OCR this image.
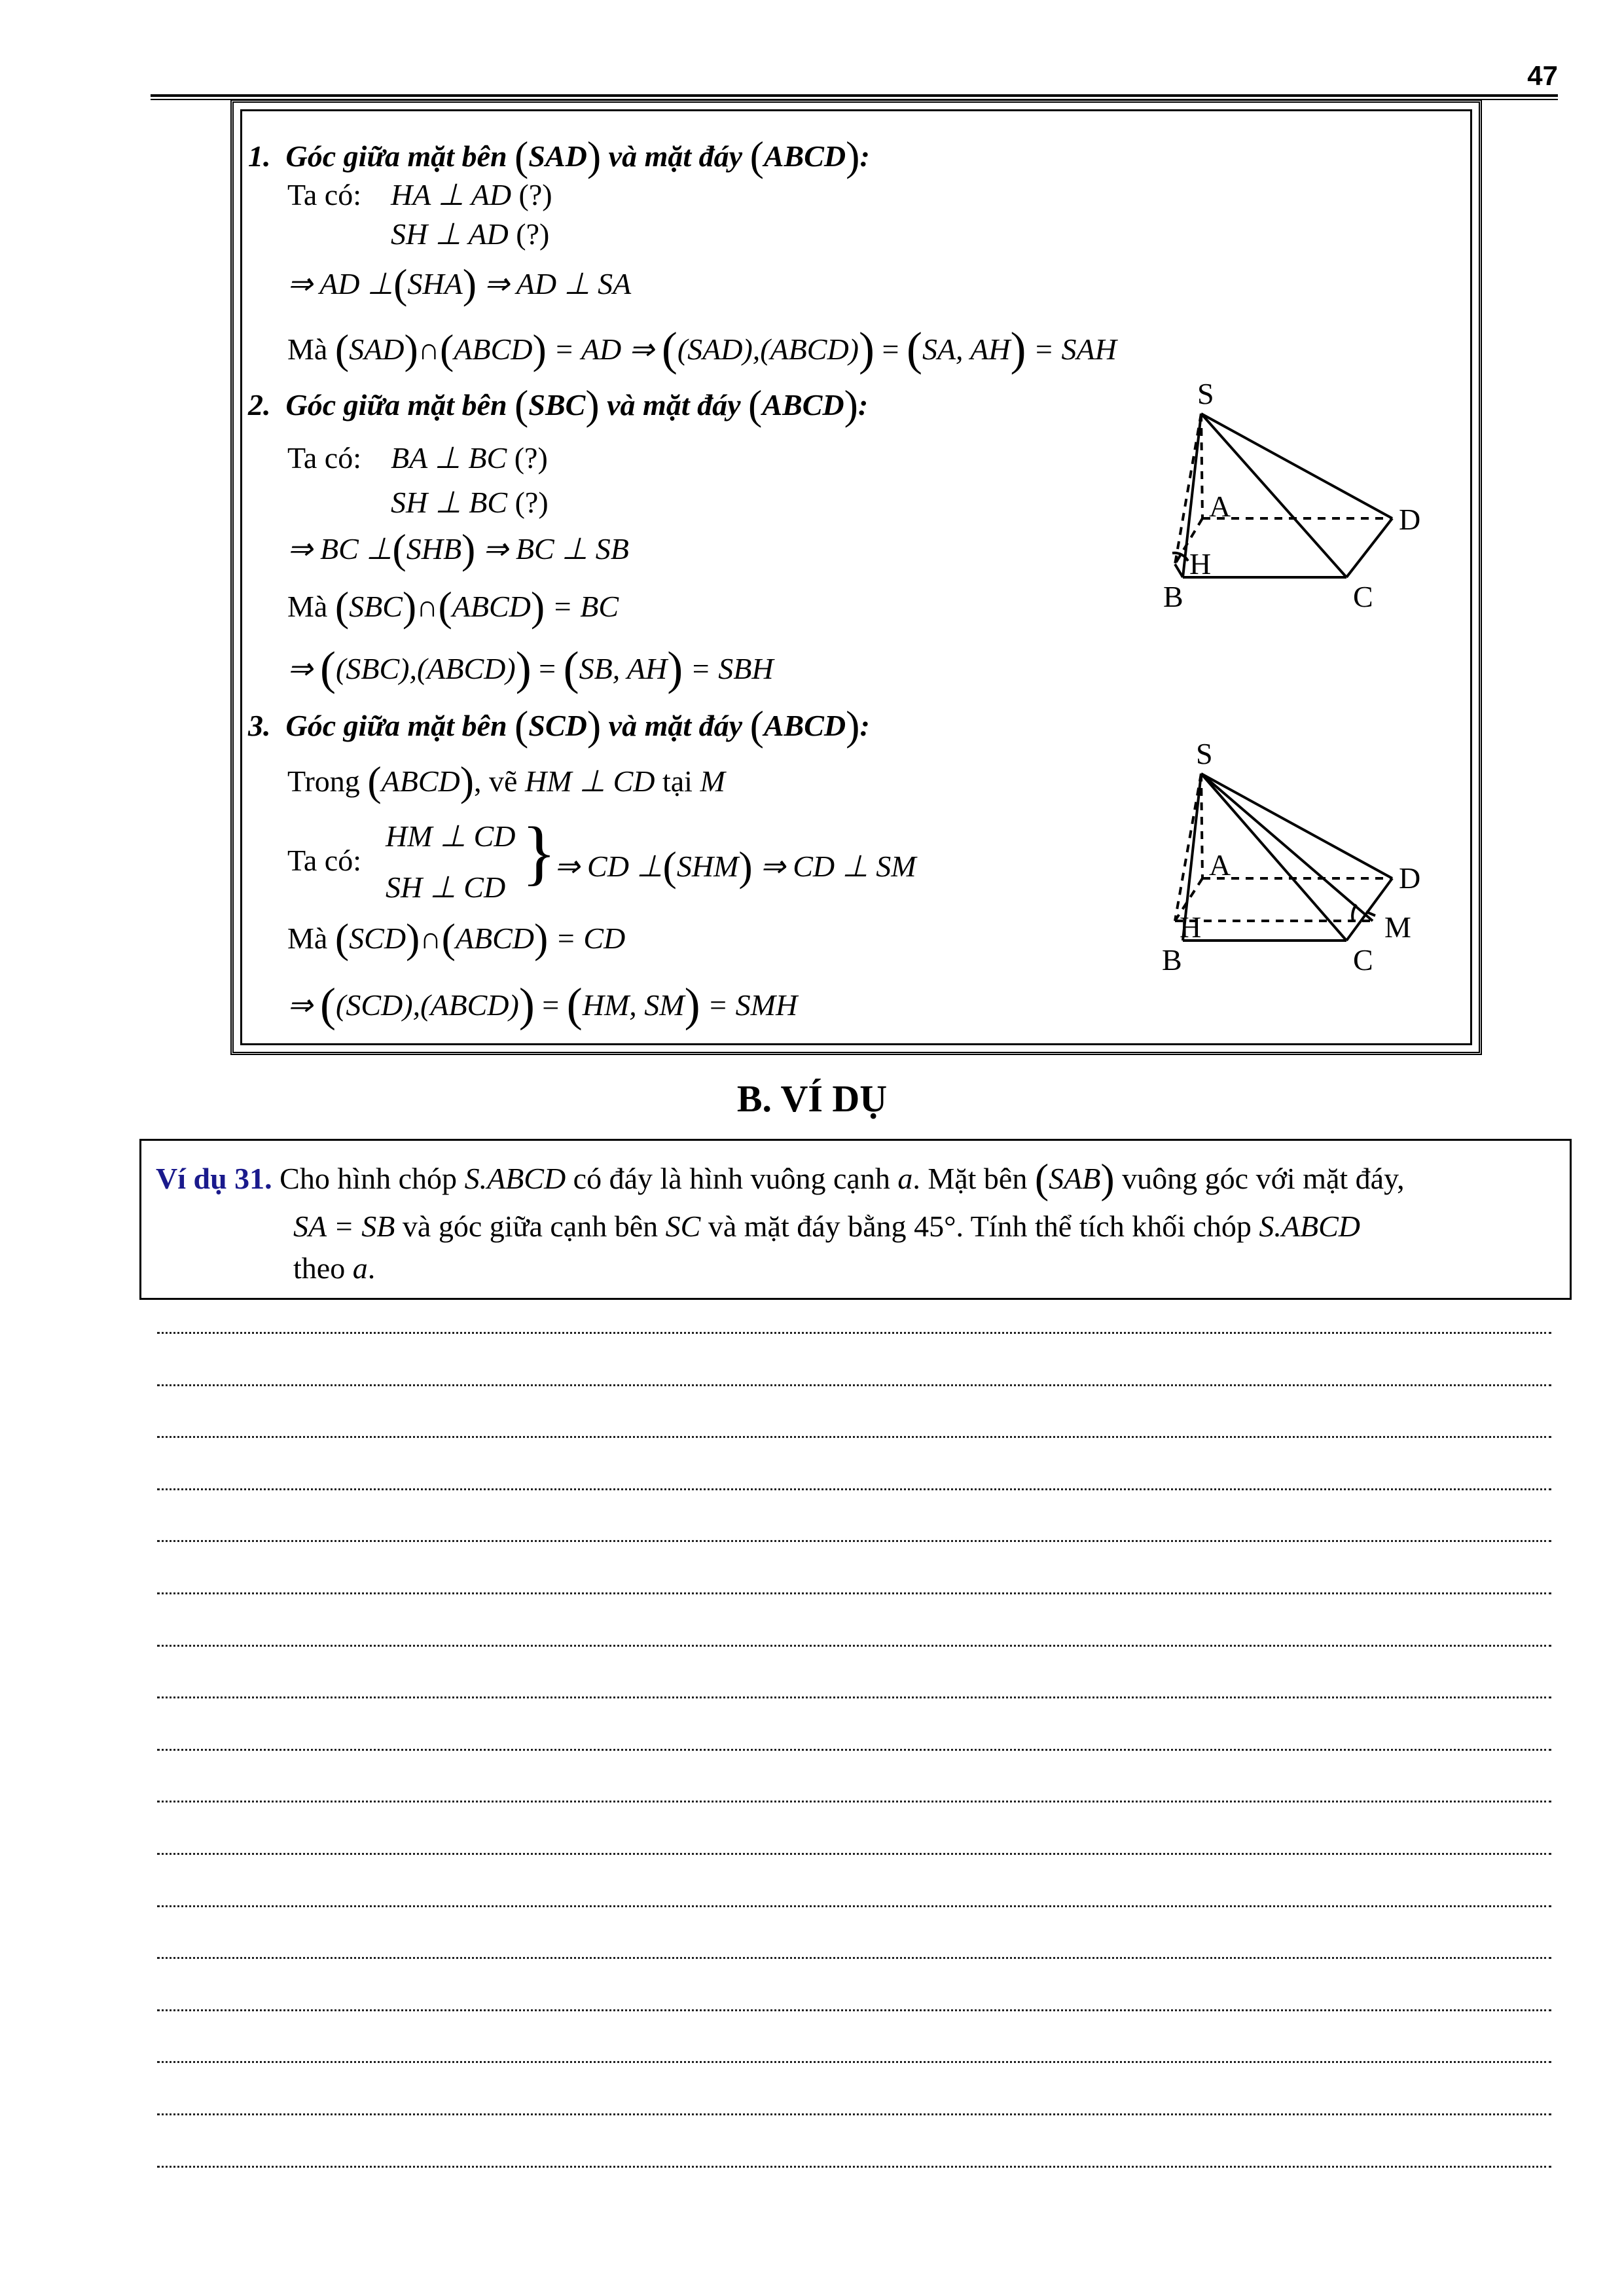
47
1. Góc giữa mặt bên (SAD) và mặt đáy (ABCD):
Ta có: HA ⊥ AD (?)
SH ⊥ AD (?)
⇒ AD ⊥(SHA) ⇒ AD ⊥ SA
Mà (SAD)∩(ABCD) = AD ⇒ ((SAD),(ABCD)) = (SA, AH) = SAH
2. Góc giữa mặt bên (SBC) và mặt đáy (ABCD):
Ta có: BA ⊥ BC (?)
SH ⊥ BC (?)
⇒ BC ⊥(SHB) ⇒ BC ⊥ SB
Mà (SBC)∩(ABCD) = BC
⇒ ((SBC),(ABCD)) = (SB, AH) = SBH
3. Góc giữa mặt bên (SCD) và mặt đáy (ABCD):
Trong (ABCD), vẽ HM ⊥ CD tại M
Ta có:
HM ⊥ CD
SH ⊥ CD }
⇒ CD ⊥(SHM) ⇒ CD ⊥ SM
Mà (SCD)∩(ABCD) = CD
⇒ ((SCD),(ABCD)) = (HM, SM) = SMH
S
A	D
H
B	C
S
A	D
H	M
B	C
B. VÍ DỤ
Ví dụ 31. Cho hình chóp S.ABCD có đáy là hình vuông cạnh a. Mặt bên (SAB) vuông góc với mặt đáy,
SA = SB và góc giữa cạnh bên SC và mặt đáy bằng 45°. Tính thể tích khối chóp S.ABCD
theo a.
